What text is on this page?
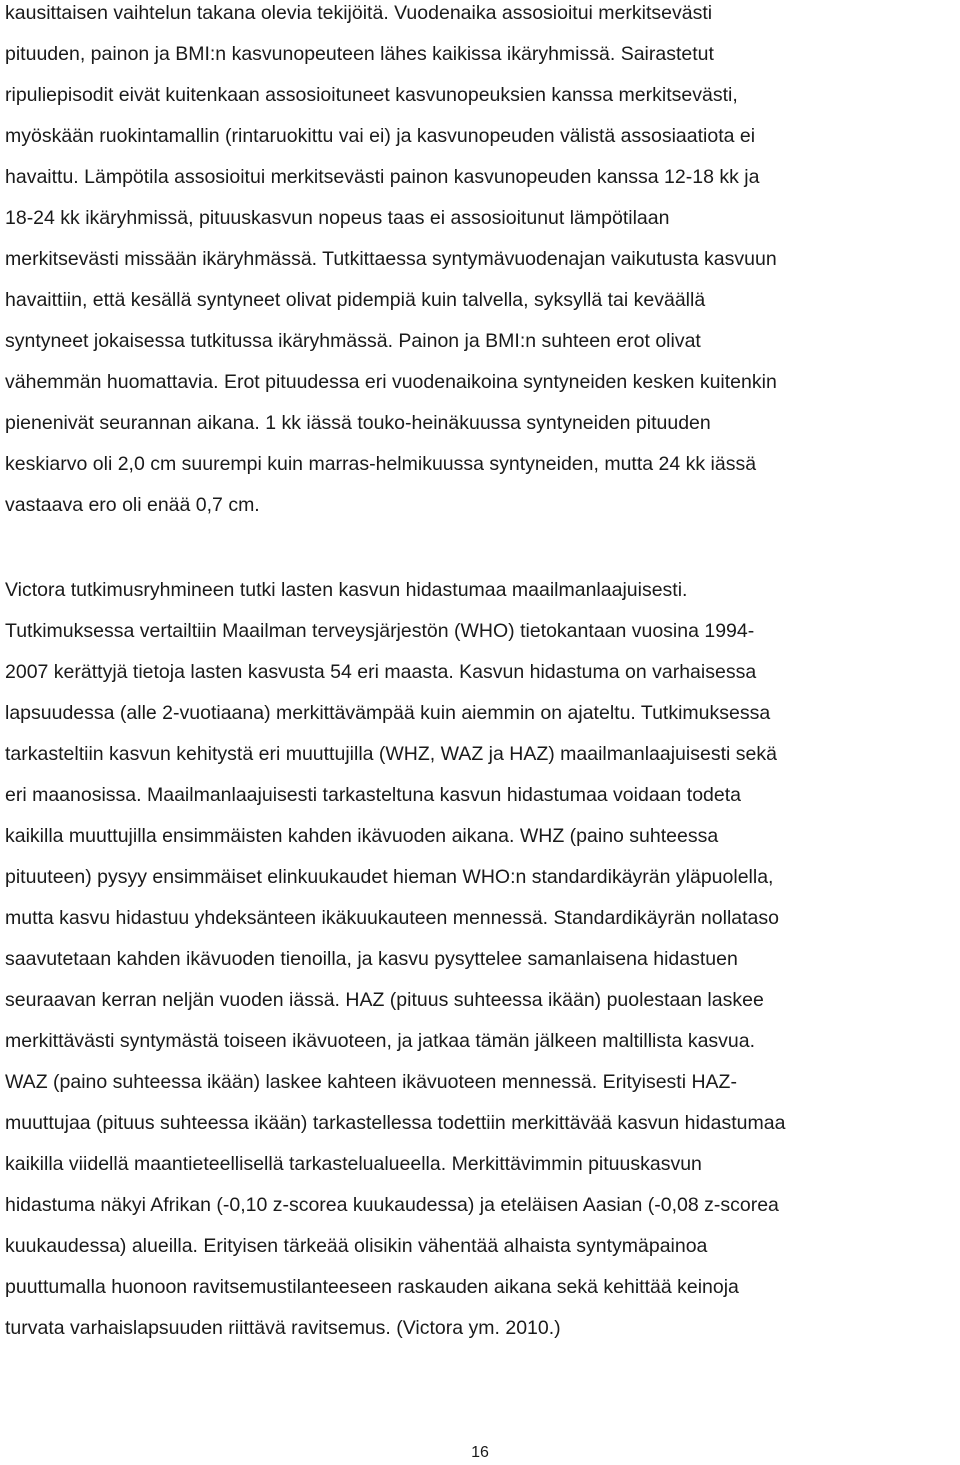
kausittaisen vaihtelun takana olevia tekijöitä. Vuodenaika assosioitui merkitsevästi
pituuden, painon ja BMI:n kasvunopeuteen lähes kaikissa ikäryhmissä. Sairastetut
ripuliepisodit eivät kuitenkaan assosioituneet kasvunopeuksien kanssa merkitsevästi,
myöskään ruokintamallin (rintaruokittu vai ei) ja kasvunopeuden välistä assosiaatiota ei
havaittu. Lämpötila assosioitui merkitsevästi painon kasvunopeuden kanssa 12-18 kk ja
18-24 kk ikäryhmissä, pituuskasvun nopeus taas ei assosioitunut lämpötilaan
merkitsevästi missään ikäryhmässä. Tutkittaessa syntymävuodenajan vaikutusta kasvuun
havaittiin, että kesällä syntyneet olivat pidempiä kuin talvella, syksyllä tai keväällä
syntyneet jokaisessa tutkitussa ikäryhmässä. Painon ja BMI:n suhteen erot olivat
vähemmän huomattavia. Erot pituudessa eri vuodenaikoina syntyneiden kesken kuitenkin
pienenivät seurannan aikana. 1 kk iässä touko-heinäkuussa syntyneiden pituuden
keskiarvo oli 2,0 cm suurempi kuin marras-helmikuussa syntyneiden, mutta 24 kk iässä
vastaava ero oli enää 0,7 cm.
Victora tutkimusryhmineen tutki lasten kasvun hidastumaa maailmanlaajuisesti.
Tutkimuksessa vertailtiin Maailman terveysjärjestön (WHO) tietokantaan vuosina 1994-
2007 kerättyjä tietoja lasten kasvusta 54 eri maasta. Kasvun hidastuma on varhaisessa
lapsuudessa (alle 2-vuotiaana) merkittävämpää kuin aiemmin on ajateltu. Tutkimuksessa
tarkasteltiin kasvun kehitystä eri muuttujilla (WHZ, WAZ ja HAZ) maailmanlaajuisesti sekä
eri maanosissa. Maailmanlaajuisesti tarkasteltuna kasvun hidastumaa voidaan todeta
kaikilla muuttujilla ensimmäisten kahden ikävuoden aikana. WHZ (paino suhteessa
pituuteen) pysyy ensimmäiset elinkuukaudet hieman WHO:n standardikäyrän yläpuolella,
mutta kasvu hidastuu yhdeksänteen ikäkuukauteen mennessä. Standardikäyrän nollataso
saavutetaan kahden ikävuoden tienoilla, ja kasvu pysyttelee samanlaisena hidastuen
seuraavan kerran neljän vuoden iässä. HAZ (pituus suhteessa ikään) puolestaan laskee
merkittävästi syntymästä toiseen ikävuoteen, ja jatkaa tämän jälkeen maltillista kasvua.
WAZ (paino suhteessa ikään) laskee kahteen ikävuoteen mennessä. Erityisesti HAZ-
muuttujaa (pituus suhteessa ikään) tarkastellessa todettiin merkittävää kasvun hidastumaa
kaikilla viidellä maantieteellisellä tarkastelualueella. Merkittävimmin pituuskasvun
hidastuma näkyi Afrikan (-0,10 z-scorea kuukaudessa) ja eteläisen Aasian (-0,08 z-scorea
kuukaudessa) alueilla. Erityisen tärkeää olisikin vähentää alhaista syntymäpainoa
puuttumalla huonoon ravitsemustilanteeseen raskauden aikana sekä kehittää keinoja
turvata varhaislapsuuden riittävä ravitsemus. (Victora ym. 2010.)
16
